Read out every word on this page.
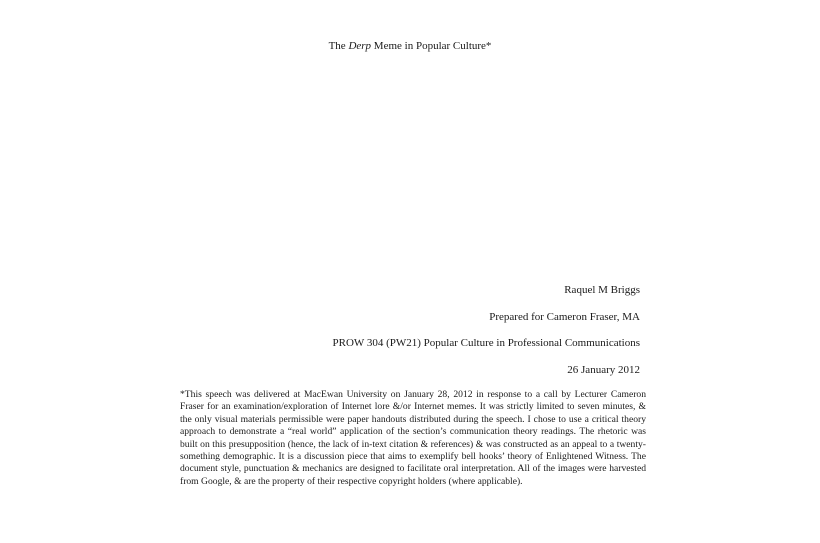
The Derp Meme in Popular Culture*
Raquel M Briggs
Prepared for Cameron Fraser, MA
PROW 304 (PW21) Popular Culture in Professional Communications
26 January 2012
*This speech was delivered at MacEwan University on January 28, 2012 in response to a call by Lecturer Cameron Fraser for an examination/exploration of Internet lore &/or Internet memes. It was strictly limited to seven minutes, & the only visual materials permissible were paper handouts distributed during the speech. I chose to use a critical theory approach to demonstrate a “real world” application of the section’s communication theory readings. The rhetoric was built on this presupposition (hence, the lack of in-text citation & references) & was constructed as an appeal to a twenty-something demographic. It is a discussion piece that aims to exemplify bell hooks’ theory of Enlightened Witness. The document style, punctuation & mechanics are designed to facilitate oral interpretation. All of the images were harvested from Google, & are the property of their respective copyright holders (where applicable).
